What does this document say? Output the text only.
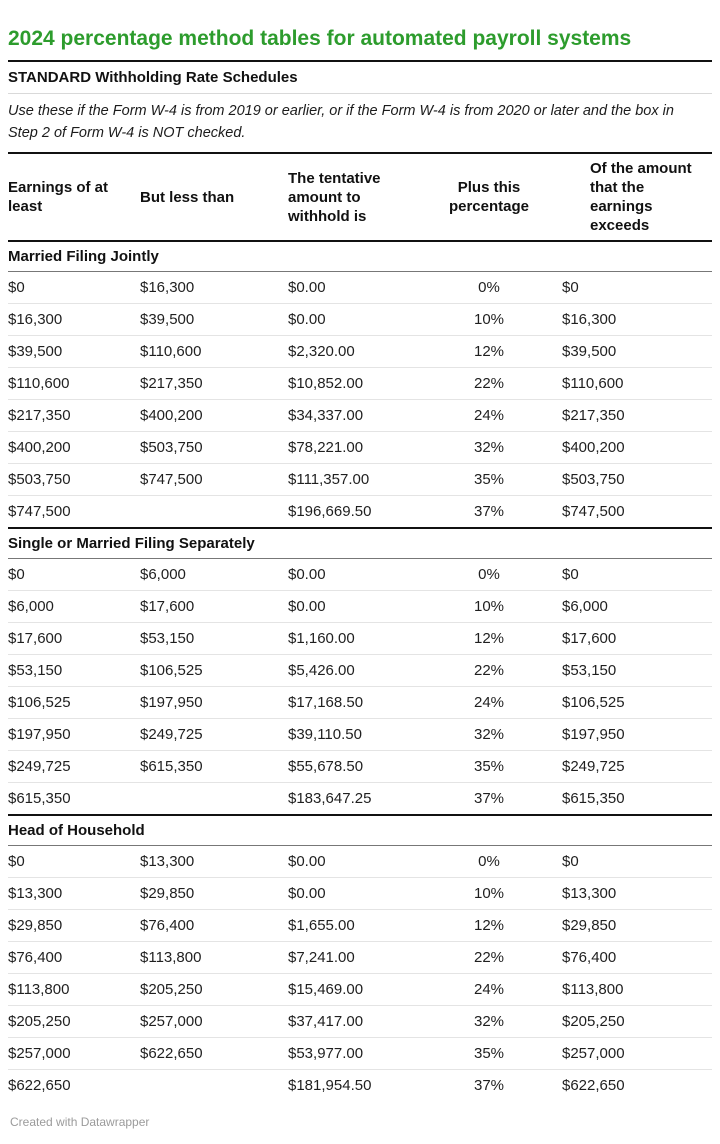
2024 percentage method tables for automated payroll systems
STANDARD Withholding Rate Schedules

Use these if the Form W-4 is from 2019 or earlier, or if the Form W-4 is from 2020 or later and the box in Step 2 of Form W-4 is NOT checked.

Earnings of at least	But less than	The tentative amount to withhold is	Plus this percentage	Of the amount that the earnings exceeds
Married Filing Jointly				
$0	$16,300	$0.00	0%	$0
$16,300	$39,500	$0.00	10%	$16,300
$39,500	$110,600	$2,320.00	12%	$39,500
$110,600	$217,350	$10,852.00	22%	$110,600
$217,350	$400,200	$34,337.00	24%	$217,350
$400,200	$503,750	$78,221.00	32%	$400,200
$503,750	$747,500	$111,357.00	35%	$503,750
$747,500		$196,669.50	37%	$747,500
Single or Married Filing Separately				
$0	$6,000	$0.00	0%	$0
$6,000	$17,600	$0.00	10%	$6,000
$17,600	$53,150	$1,160.00	12%	$17,600
$53,150	$106,525	$5,426.00	22%	$53,150
$106,525	$197,950	$17,168.50	24%	$106,525
$197,950	$249,725	$39,110.50	32%	$197,950
$249,725	$615,350	$55,678.50	35%	$249,725
$615,350		$183,647.25	37%	$615,350
Head of Household				
$0	$13,300	$0.00	0%	$0
$13,300	$29,850	$0.00	10%	$13,300
$29,850	$76,400	$1,655.00	12%	$29,850
$76,400	$113,800	$7,241.00	22%	$76,400
$113,800	$205,250	$15,469.00	24%	$113,800
$205,250	$257,000	$37,417.00	32%	$205,250
$257,000	$622,650	$53,977.00	35%	$257,000
$622,650		$181,954.50	37%	$622,650
Created with Datawrapper
